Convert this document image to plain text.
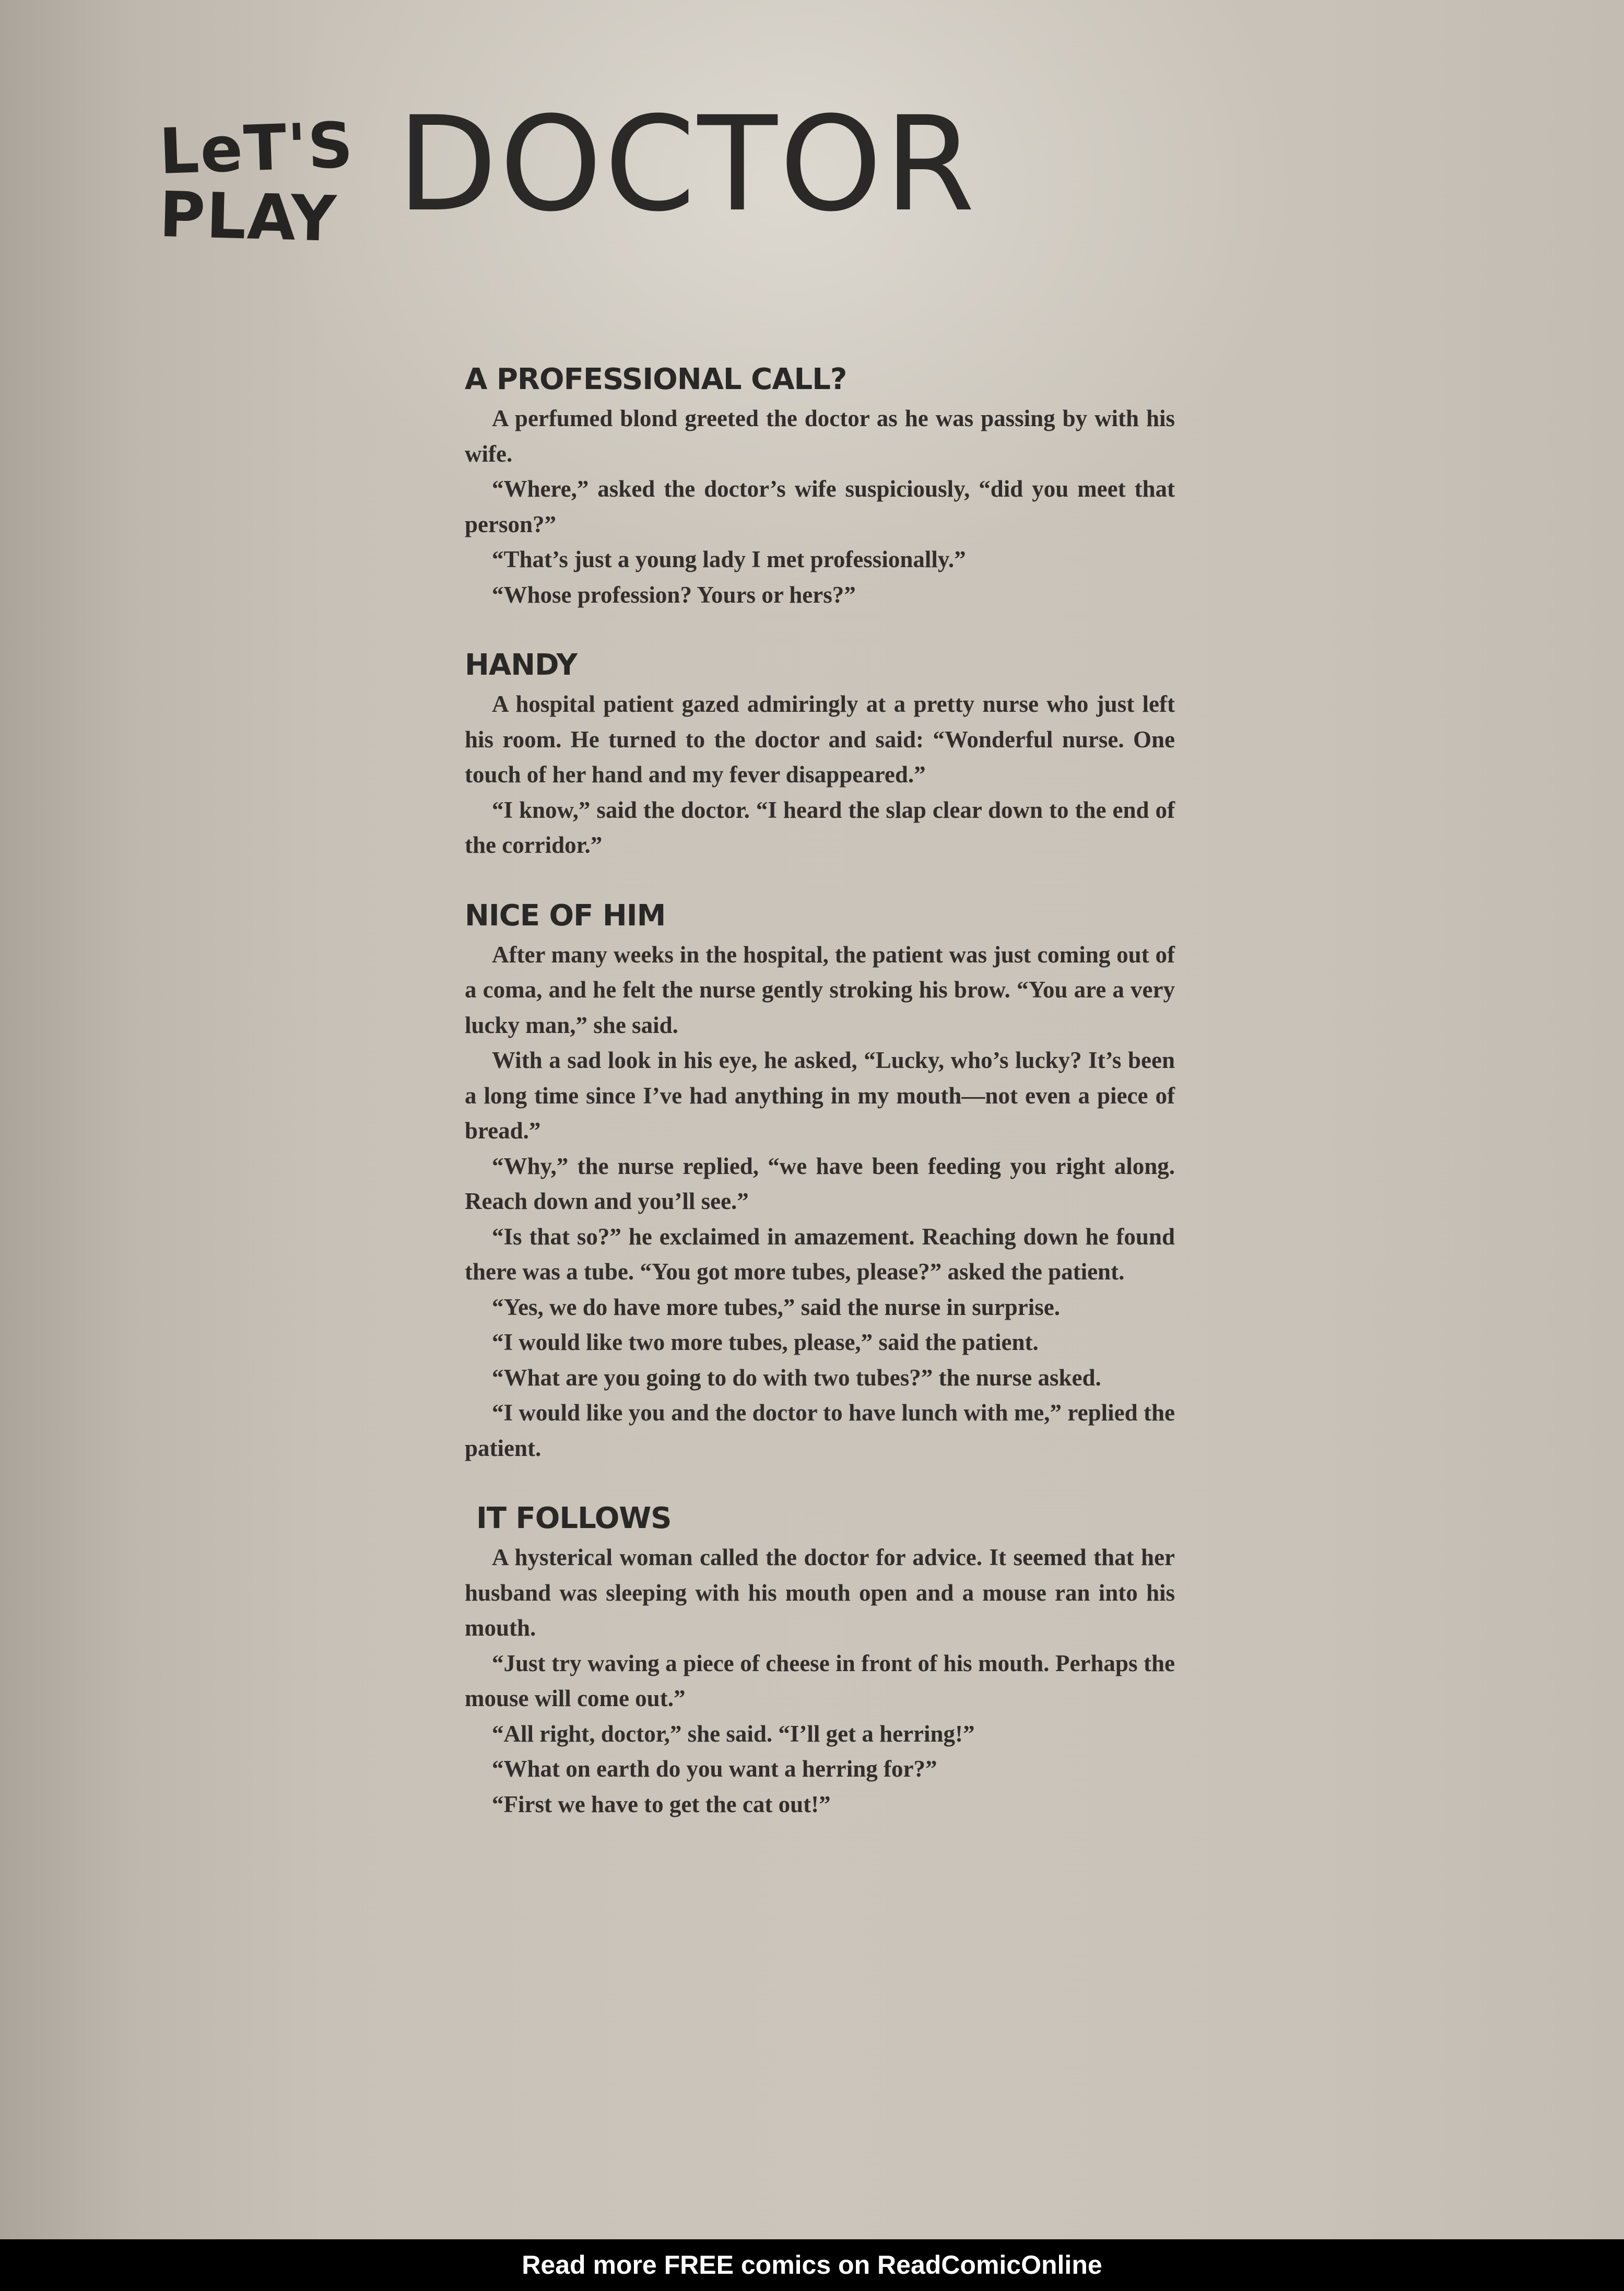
LeT'S
PLAY DOCTOR
A PROFESSIONAL CALL?

A perfumed blond greeted the doctor as he was passing by with his wife.

“Where,” asked the doctor’s wife suspiciously, “did you meet that person?”

“That’s just a young lady I met professionally.”

“Whose profession? Yours or hers?”

HANDY

A hospital patient gazed admiringly at a pretty nurse who just left his room. He turned to the doctor and said: “Wonderful nurse. One touch of her hand and my fever disappeared.”

“I know,” said the doctor. “I heard the slap clear down to the end of the corridor.”

NICE OF HIM

After many weeks in the hospital, the patient was just coming out of a coma, and he felt the nurse gently stroking his brow. “You are a very lucky man,” she said.

With a sad look in his eye, he asked, “Lucky, who’s lucky? It’s been a long time since I’ve had anything in my mouth—not even a piece of bread.”

“Why,” the nurse replied, “we have been feeding you right along. Reach down and you’ll see.”

“Is that so?” he exclaimed in amazement. Reaching down he found there was a tube. “You got more tubes, please?” asked the patient.

“Yes, we do have more tubes,” said the nurse in surprise.

“I would like two more tubes, please,” said the patient.

“What are you going to do with two tubes?” the nurse asked.

“I would like you and the doctor to have lunch with me,” replied the patient.

IT FOLLOWS

A hysterical woman called the doctor for advice. It seemed that her husband was sleeping with his mouth open and a mouse ran into his mouth.

“Just try waving a piece of cheese in front of his mouth. Perhaps the mouse will come out.”

“All right, doctor,” she said. “I’ll get a herring!”

“What on earth do you want a herring for?”

“First we have to get the cat out!”

Read more FREE comics on ReadComicOnline
